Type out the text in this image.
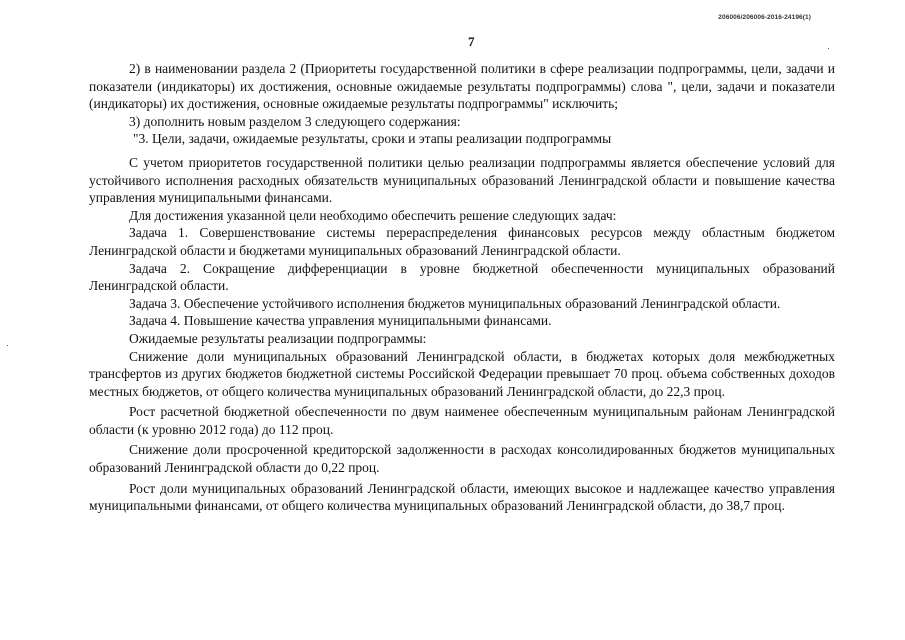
206006/206006-2016-24196(1)
7

2) в наименовании раздела 2 (Приоритеты государственной политики в сфере реализации подпрограммы, цели, задачи и показатели (индикаторы) их достижения, основные ожидаемые результаты подпрограммы) слова ", цели, задачи и показатели (индикаторы) их достижения, основные ожидаемые результаты подпрограммы" исключить;

3) дополнить новым разделом 3 следующего содержания:

"3. Цели, задачи, ожидаемые результаты, сроки и этапы реализации подпрограммы

С учетом приоритетов государственной политики целью реализации подпрограммы является обеспечение условий для устойчивого исполнения расходных обязательств муниципальных образований Ленинградской области и повышение качества управления муниципальными финансами.

Для достижения указанной цели необходимо обеспечить решение следующих задач:

Задача 1. Совершенствование системы перераспределения финансовых ресурсов между областным бюджетом Ленинградской области и бюджетами муниципальных образований Ленинградской области.

Задача 2. Сокращение дифференциации в уровне бюджетной обеспеченности муниципальных образований Ленинградской области.

Задача 3. Обеспечение устойчивого исполнения бюджетов муниципальных образований Ленинградской области.

Задача 4. Повышение качества управления муниципальными финансами.

Ожидаемые результаты реализации подпрограммы:

Снижение доли муниципальных образований Ленинградской области, в бюджетах которых доля межбюджетных трансфертов из других бюджетов бюджетной системы Российской Федерации превышает 70 проц. объема собственных доходов местных бюджетов, от общего количества муниципальных образований Ленинградской области, до 22,3 проц.

Рост расчетной бюджетной обеспеченности по двум наименее обеспеченным муниципальным районам Ленинградской области (к уровню 2012 года) до 112 проц.

Снижение доли просроченной кредиторской задолженности в расходах консолидированных бюджетов муниципальных образований Ленинградской области до 0,22 проц.

Рост доли муниципальных образований Ленинградской области, имеющих высокое и надлежащее качество управления муниципальными финансами, от общего количества муниципальных образований Ленинградской области, до 38,7 проц.
